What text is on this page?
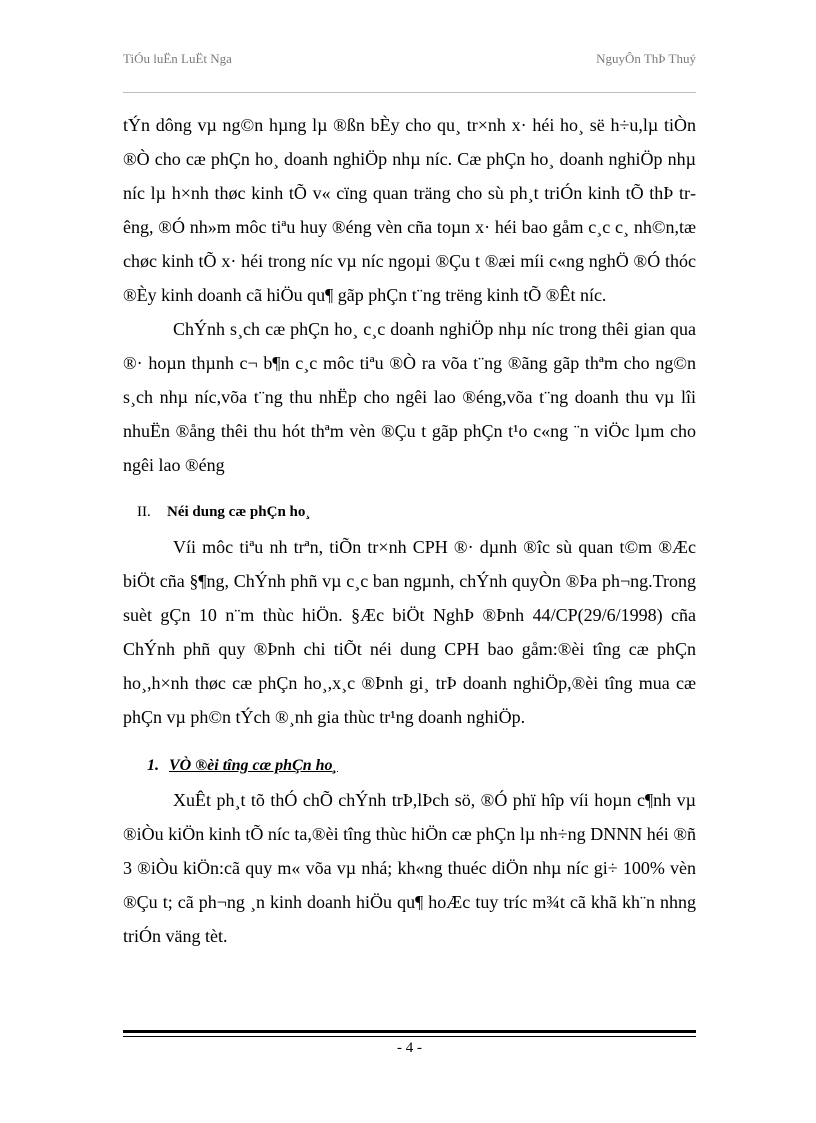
TiÓu luËn LuËt Nga	NguyÔn ThÞ Thuý

tÝn dông vµ ng©n hµng lµ ®ßn bÈy cho qu¸ tr×nh x· héi ho¸ së h÷u,lµ tiÒn ®Ò cho cæ phÇn ho¸ doanh nghiÖp nhµ níc. Cæ phÇn ho¸ doanh nghiÖp nhµ níc lµ h×nh thøc kinh tÕ v« cïng quan träng cho sù ph¸t triÓn kinh tÕ thÞ trêng, ®Ó nh»m môc tiªu huy ®éng vèn cña toµn x· héi bao gåm c¸c c¸ nh©n,tæ chøc kinh tÕ x· héi trong níc vµ níc ngoµi ®Çu t ®æi míi c«ng nghÖ ®Ó thóc ®Èy kinh doanh cã hiÖu qu¶ gãp phÇn t¨ng trëng kinh tÕ ®Êt níc.

ChÝnh s¸ch cæ phÇn ho¸ c¸c doanh nghiÖp nhµ níc trong thêi gian qua ®· hoµn thµnh c¬ b¶n c¸c môc tiªu ®Ò ra võa t¨ng ®ãng gãp thªm cho ng©n s¸ch nhµ níc,võa t¨ng thu nhËp cho ngêi lao ®éng,võa t¨ng doanh thu vµ lîi nhuËn ®ång thêi thu hót thªm vèn ®Çu t gãp phÇn t¹o c«ng ¨n viÖc lµm cho ngêi lao ®éng

II. Néi dung cæ phÇn ho¸

Víi môc tiªu nh trªn, tiÕn tr×nh CPH ®· dµnh ®îc sù quan t©m ®Æc biÖt cña §¶ng, ChÝnh phñ vµ c¸c ban ngµnh, chÝnh quyÒn ®Þa ph¬ng.Trong suèt gÇn 10 n¨m thùc hiÖn. §Æc biÖt NghÞ ®Þnh 44/CP(29/6/1998) cña ChÝnh phñ quy ®Þnh chi tiÕt néi dung CPH bao gåm:®èi tîng cæ phÇn ho¸,h×nh thøc cæ phÇn ho¸,x¸c ®Þnh gi¸ trÞ doanh nghiÖp,®èi tîng mua cæ phÇn vµ ph©n tÝch ®¸nh gia thùc tr¹ng doanh nghiÖp.

1. VÒ ®èi tîng cæ phÇn ho¸

XuÊt ph¸t tõ thÓ chÕ chÝnh trÞ,lÞch sö, ®Ó phï hîp víi hoµn c¶nh vµ ®iÒu kiÖn kinh tÕ níc ta,®èi tîng thùc hiÖn cæ phÇn lµ nh÷ng DNNN héi ®ñ 3 ®iÒu kiÖn:cã quy m« võa vµ nhá; kh«ng thuéc diÖn nhµ níc gi÷ 100% vèn ®Çu t; cã ph¬ng ¸n kinh doanh hiÖu qu¶ hoÆc tuy tríc m¾t cã khã kh¨n nhng triÓn väng tèt.

- 4 -
